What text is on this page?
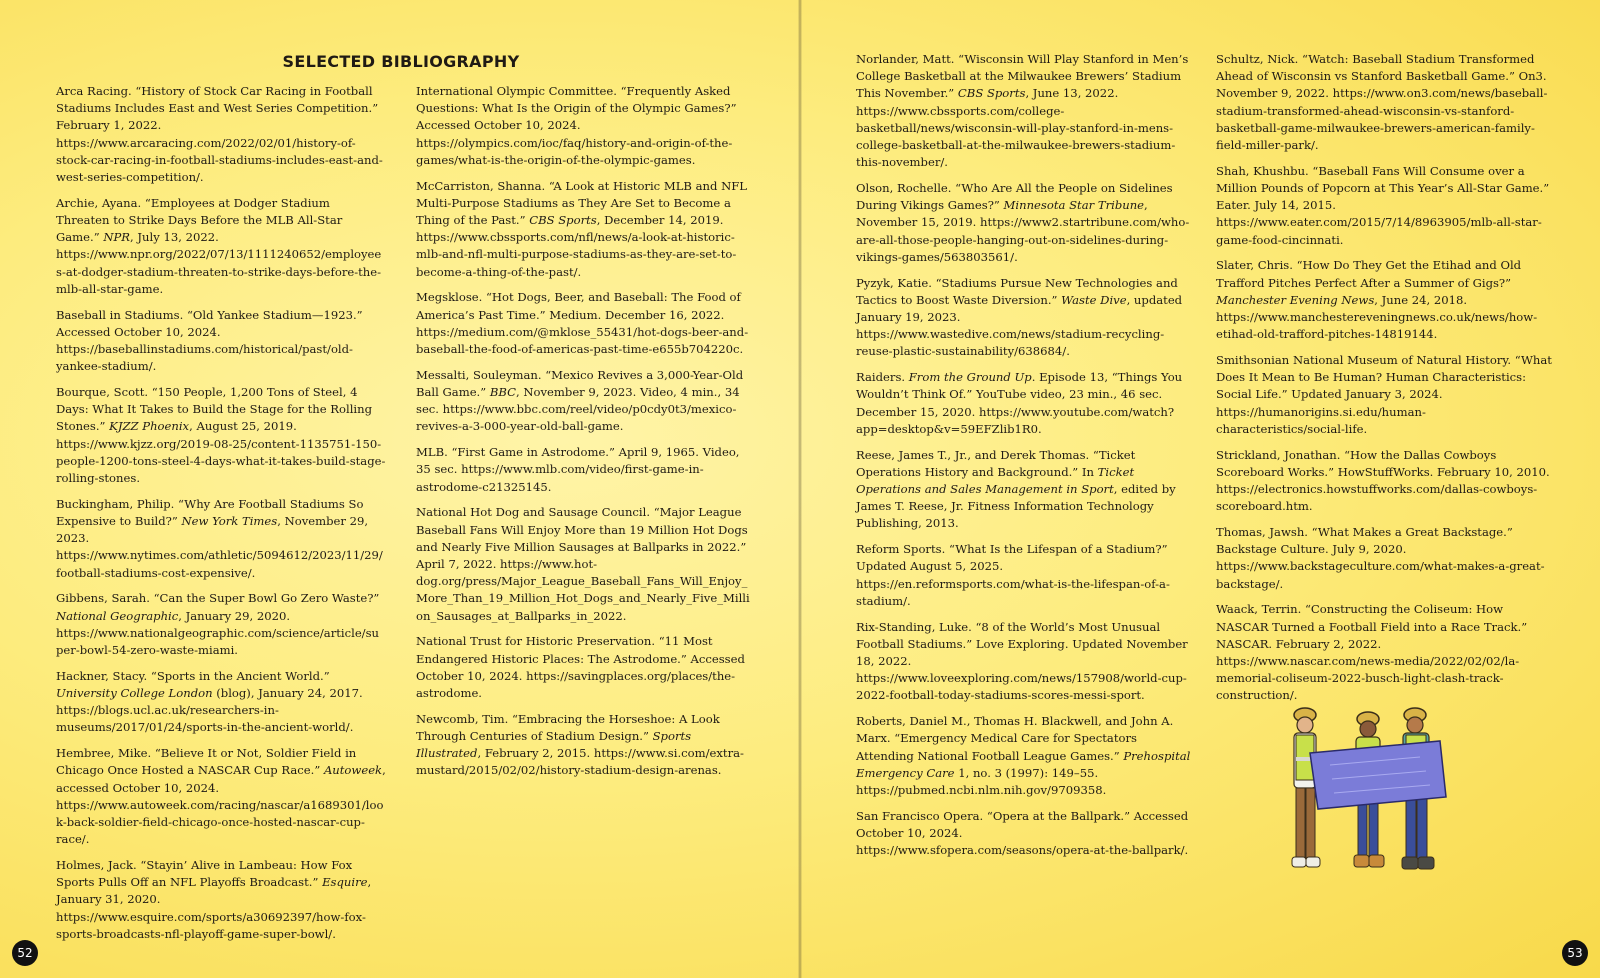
SELECTED BIBLIOGRAPHY

Arca Racing. “History of Stock Car Racing in Football Stadiums Includes East and West Series Competition.” February 1, 2022. https://www.arcaracing.com/2022/02/01/history-of-stock-car-racing-in-football-stadiums-includes-east-and-west-series-competition/.

Archie, Ayana. “Employees at Dodger Stadium Threaten to Strike Days Before the MLB All-Star Game.” NPR, July 13, 2022. https://www.npr.org/2022/07/13/1111240652/employees-at-dodger-stadium-threaten-to-strike-days-before-the-mlb-all-star-game.

Baseball in Stadiums. “Old Yankee Stadium—1923.” Accessed October 10, 2024. https://baseballinstadiums.com/historical/past/old-yankee-stadium/.

Bourque, Scott. “150 People, 1,200 Tons of Steel, 4 Days: What It Takes to Build the Stage for the Rolling Stones.” KJZZ Phoenix, August 25, 2019. https://www.kjzz.org/2019-08-25/content-1135751-150-people-1200-tons-steel-4-days-what-it-takes-build-stage-rolling-stones.

Buckingham, Philip. “Why Are Football Stadiums So Expensive to Build?” New York Times, November 29, 2023. https://www.nytimes.com/athletic/5094612/2023/11/29/football-stadiums-cost-expensive/.

Gibbens, Sarah. “Can the Super Bowl Go Zero Waste?” National Geographic, January 29, 2020. https://www.nationalgeographic.com/science/article/super-bowl-54-zero-waste-miami.

Hackner, Stacy. “Sports in the Ancient World.” University College London (blog), January 24, 2017. https://blogs.ucl.ac.uk/researchers-in-museums/2017/01/24/sports-in-the-ancient-world/.

Hembree, Mike. “Believe It or Not, Soldier Field in Chicago Once Hosted a NASCAR Cup Race.” Autoweek, accessed October 10, 2024. https://www.autoweek.com/racing/nascar/a1689301/look-back-soldier-field-chicago-once-hosted-nascar-cup-race/.

Holmes, Jack. “Stayin’ Alive in Lambeau: How Fox Sports Pulls Off an NFL Playoffs Broadcast.” Esquire, January 31, 2020. https://www.esquire.com/sports/a30692397/how-fox-sports-broadcasts-nfl-playoff-game-super-bowl/.

International Olympic Committee. “Frequently Asked Questions: What Is the Origin of the Olympic Games?” Accessed October 10, 2024. https://olympics.com/ioc/faq/history-and-origin-of-the-games/what-is-the-origin-of-the-olympic-games.

McCarriston, Shanna. “A Look at Historic MLB and NFL Multi-Purpose Stadiums as They Are Set to Become a Thing of the Past.” CBS Sports, December 14, 2019. https://www.cbssports.com/nfl/news/a-look-at-historic-mlb-and-nfl-multi-purpose-stadiums-as-they-are-set-to-become-a-thing-of-the-past/.

Megsklose. “Hot Dogs, Beer, and Baseball: The Food of America’s Past Time.” Medium. December 16, 2022. https://medium.com/@mklose_55431/hot-dogs-beer-and-baseball-the-food-of-americas-past-time-e655b704220c.

Messalti, Souleyman. “Mexico Revives a 3,000-Year-Old Ball Game.” BBC, November 9, 2023. Video, 4 min., 34 sec. https://www.bbc.com/reel/video/p0cdy0t3/mexico-revives-a-3-000-year-old-ball-game.

MLB. “First Game in Astrodome.” April 9, 1965. Video, 35 sec. https://www.mlb.com/video/first-game-in-astrodome-c21325145.

National Hot Dog and Sausage Council. “Major League Baseball Fans Will Enjoy More than 19 Million Hot Dogs and Nearly Five Million Sausages at Ballparks in 2022.” April 7, 2022. https://www.hot-dog.org/press/Major_League_Baseball_Fans_Will_Enjoy_More_Than_19_Million_Hot_Dogs_and_Nearly_Five_Million_Sausages_at_Ballparks_in_2022.

National Trust for Historic Preservation. “11 Most Endangered Historic Places: The Astrodome.” Accessed October 10, 2024. https://savingplaces.org/places/the-astrodome.

Newcomb, Tim. “Embracing the Horseshoe: A Look Through Centuries of Stadium Design.” Sports Illustrated, February 2, 2015. https://www.si.com/extra-mustard/2015/02/02/history-stadium-design-arenas.

52

Norlander, Matt. “Wisconsin Will Play Stanford in Men’s College Basketball at the Milwaukee Brewers’ Stadium This November.” CBS Sports, June 13, 2022. https://www.cbssports.com/college-basketball/news/wisconsin-will-play-stanford-in-mens-college-basketball-at-the-milwaukee-brewers-stadium-this-november/.

Olson, Rochelle. “Who Are All the People on Sidelines During Vikings Games?” Minnesota Star Tribune, November 15, 2019. https://www2.startribune.com/who-are-all-those-people-hanging-out-on-sidelines-during-vikings-games/563803561/.

Pyzyk, Katie. “Stadiums Pursue New Technologies and Tactics to Boost Waste Diversion.” Waste Dive, updated January 19, 2023. https://www.wastedive.com/news/stadium-recycling-reuse-plastic-sustainability/638684/.

Raiders. From the Ground Up. Episode 13, “Things You Wouldn’t Think Of.” YouTube video, 23 min., 46 sec. December 15, 2020. https://www.youtube.com/watch?app=desktop&v=59EFZlib1R0.

Reese, James T., Jr., and Derek Thomas. “Ticket Operations History and Background.” In Ticket Operations and Sales Management in Sport, edited by James T. Reese, Jr. Fitness Information Technology Publishing, 2013.

Reform Sports. “What Is the Lifespan of a Stadium?” Updated August 5, 2025. https://en.reformsports.com/what-is-the-lifespan-of-a-stadium/.

Rix-Standing, Luke. “8 of the World’s Most Unusual Football Stadiums.” Love Exploring. Updated November 18, 2022. https://www.loveexploring.com/news/157908/world-cup-2022-football-today-stadiums-scores-messi-sport.

Roberts, Daniel M., Thomas H. Blackwell, and John A. Marx. “Emergency Medical Care for Spectators Attending National Football League Games.” Prehospital Emergency Care 1, no. 3 (1997): 149–55. https://pubmed.ncbi.nlm.nih.gov/9709358.

San Francisco Opera. “Opera at the Ballpark.” Accessed October 10, 2024. https://www.sfopera.com/seasons/opera-at-the-ballpark/.

Schultz, Nick. “Watch: Baseball Stadium Transformed Ahead of Wisconsin vs Stanford Basketball Game.” On3. November 9, 2022. https://www.on3.com/news/baseball-stadium-transformed-ahead-wisconsin-vs-stanford-basketball-game-milwaukee-brewers-american-family-field-miller-park/.

Shah, Khushbu. “Baseball Fans Will Consume over a Million Pounds of Popcorn at This Year’s All-Star Game.” Eater. July 14, 2015. https://www.eater.com/2015/7/14/8963905/mlb-all-star-game-food-cincinnati.

Slater, Chris. “How Do They Get the Etihad and Old Trafford Pitches Perfect After a Summer of Gigs?” Manchester Evening News, June 24, 2018. https://www.manchestereveningnews.co.uk/news/how-etihad-old-trafford-pitches-14819144.

Smithsonian National Museum of Natural History. “What Does It Mean to Be Human? Human Characteristics: Social Life.” Updated January 3, 2024. https://humanorigins.si.edu/human-characteristics/social-life.

Strickland, Jonathan. “How the Dallas Cowboys Scoreboard Works.” HowStuffWorks. February 10, 2010. https://electronics.howstuffworks.com/dallas-cowboys-scoreboard.htm.

Thomas, Jawsh. “What Makes a Great Backstage.” Backstage Culture. July 9, 2020. https://www.backstageculture.com/what-makes-a-great-backstage/.

Waack, Terrin. “Constructing the Coliseum: How NASCAR Turned a Football Field into a Race Track.” NASCAR. February 2, 2022. https://www.nascar.com/news-media/2022/02/02/la-memorial-coliseum-2022-busch-light-clash-track-construction/.

53
